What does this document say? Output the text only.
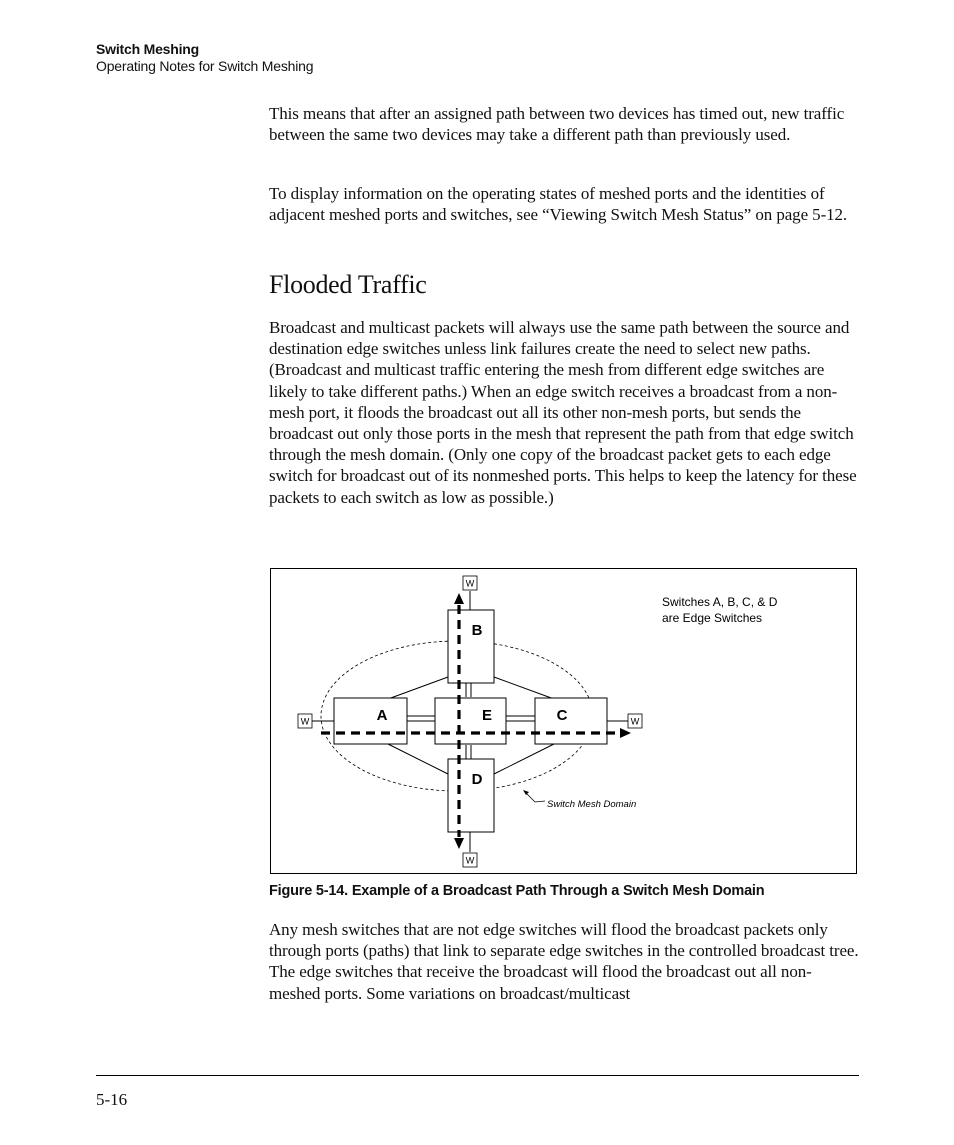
Switch Meshing
Operating Notes for Switch Meshing

This means that after an assigned path between two devices has timed out, new traffic between the same two devices may take a different path than previously used.

To display information on the operating states of meshed ports and the identities of adjacent meshed ports and switches, see “Viewing Switch Mesh Status” on page 5-12.

Flooded Traffic

Broadcast and multicast packets will always use the same path between the source and destination edge switches unless link failures create the need to select new paths. (Broadcast and multicast traffic entering the mesh from different edge switches are likely to take different paths.) When an edge switch receives a broadcast from a non-mesh port, it floods the broadcast out all its other non-mesh ports, but sends the broadcast out only those ports in the mesh that represent the path from that edge switch through the mesh domain. (Only one copy of the broadcast packet gets to each edge switch for broadcast out of its nonmeshed ports. This helps to keep the latency for these packets to each switch as low as possible.)

B
A	E	C
D
W
W
W	W
Switch Mesh Domain
Switches A, B, C, & D
are Edge Switches
Figure 5-14. Example of a Broadcast Path Through a Switch Mesh Domain

Any mesh switches that are not edge switches will flood the broadcast packets only through ports (paths) that link to separate edge switches in the controlled broadcast tree. The edge switches that receive the broadcast will flood the broadcast out all non-meshed ports. Some variations on broadcast/multicast

5-16
